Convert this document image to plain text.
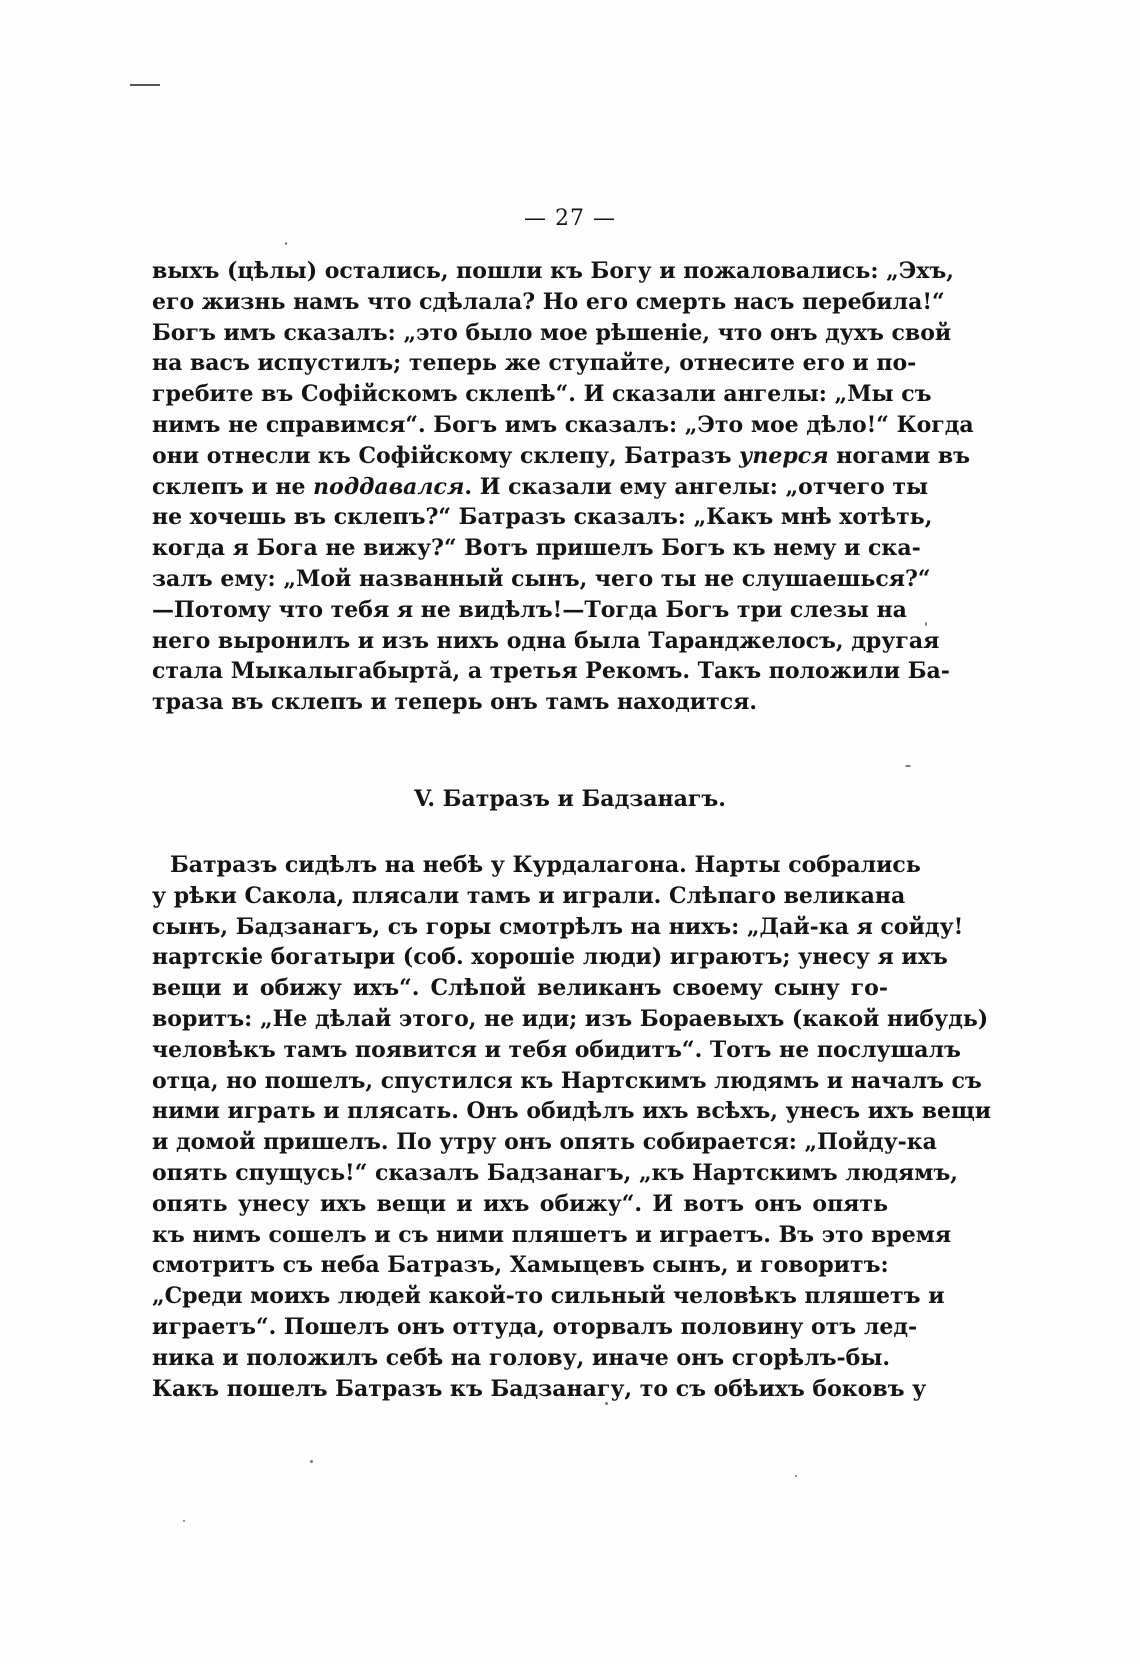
— 27 —
выхъ (цѣлы) остались, пошли къ Богу и пожаловались: „Эхъ,
его жизнь намъ что сдѣлала? Но его смерть насъ перебила!“
Богъ имъ сказалъ: „это было мое рѣшеніе, что онъ духъ свой
на васъ испустилъ; теперь же ступайте, отнесите его и по-
гребите въ Софійскомъ склепѣ“. И сказали ангелы: „Мы съ
нимъ не справимся“. Богъ имъ сказалъ: „Это мое дѣло!“ Когда
они отнесли къ Софійскому склепу, Батразъ уперся ногами въ
склепъ и не поддавался. И сказали ему ангелы: „отчего ты
не хочешь въ склепъ?“ Батразъ сказалъ: „Какъ мнѣ хотѣть,
когда я Бога не вижу?“ Вотъ пришелъ Богъ къ нему и ска-
залъ ему: „Мой названный сынъ, чего ты не слушаешься?“
—Потому что тебя я не видѣлъ!—Тогда Богъ три слезы на
него выронилъ и изъ нихъ одна была Таранджелосъ, другая
стала Мыкалыгабыртӑ, а третья Рекомъ. Такъ положили Ба-
траза въ склепъ и теперь онъ тамъ находится.
V. Батразъ и Бадзанагъ.
Батразъ сидѣлъ на небѣ у Курдалагона. Нарты собрались
у рѣки Сакола, плясали тамъ и играли. Слѣпаго великана
сынъ, Бадзанагъ, съ горы смотрѣлъ на нихъ: „Дай-ка я сойду!
нартскіе богатыри (соб. хорошіе люди) играютъ; унесу я ихъ
вещи и обижу ихъ“. Слѣпой великанъ своему сыну го-
воритъ: „Не дѣлай этого, не иди; изъ Бораевыхъ (какой нибудь)
человѣкъ тамъ появится и тебя обидитъ“. Тотъ не послушалъ
отца, но пошелъ, спустился къ Нартскимъ людямъ и началъ съ
ними играть и плясать. Онъ обидѣлъ ихъ всѣхъ, унесъ ихъ вещи
и домой пришелъ. По утру онъ опять собирается: „Пойду-ка
опять спущусь!“ сказалъ Бадзанагъ, „къ Нартскимъ людямъ,
опять унесу ихъ вещи и ихъ обижу“. И вотъ онъ опять
къ нимъ сошелъ и съ ними пляшетъ и играетъ. Въ это время
смотритъ съ неба Батразъ, Хамыцевъ сынъ, и говоритъ:
„Среди моихъ людей какой-то сильный человѣкъ пляшетъ и
играетъ“. Пошелъ онъ оттуда, оторвалъ половину отъ лед-
ника и положилъ себѣ на голову, иначе онъ сгорѣлъ-бы.
Какъ пошелъ Батразъ къ Бадзанагу, то съ обѣихъ боковъ у
